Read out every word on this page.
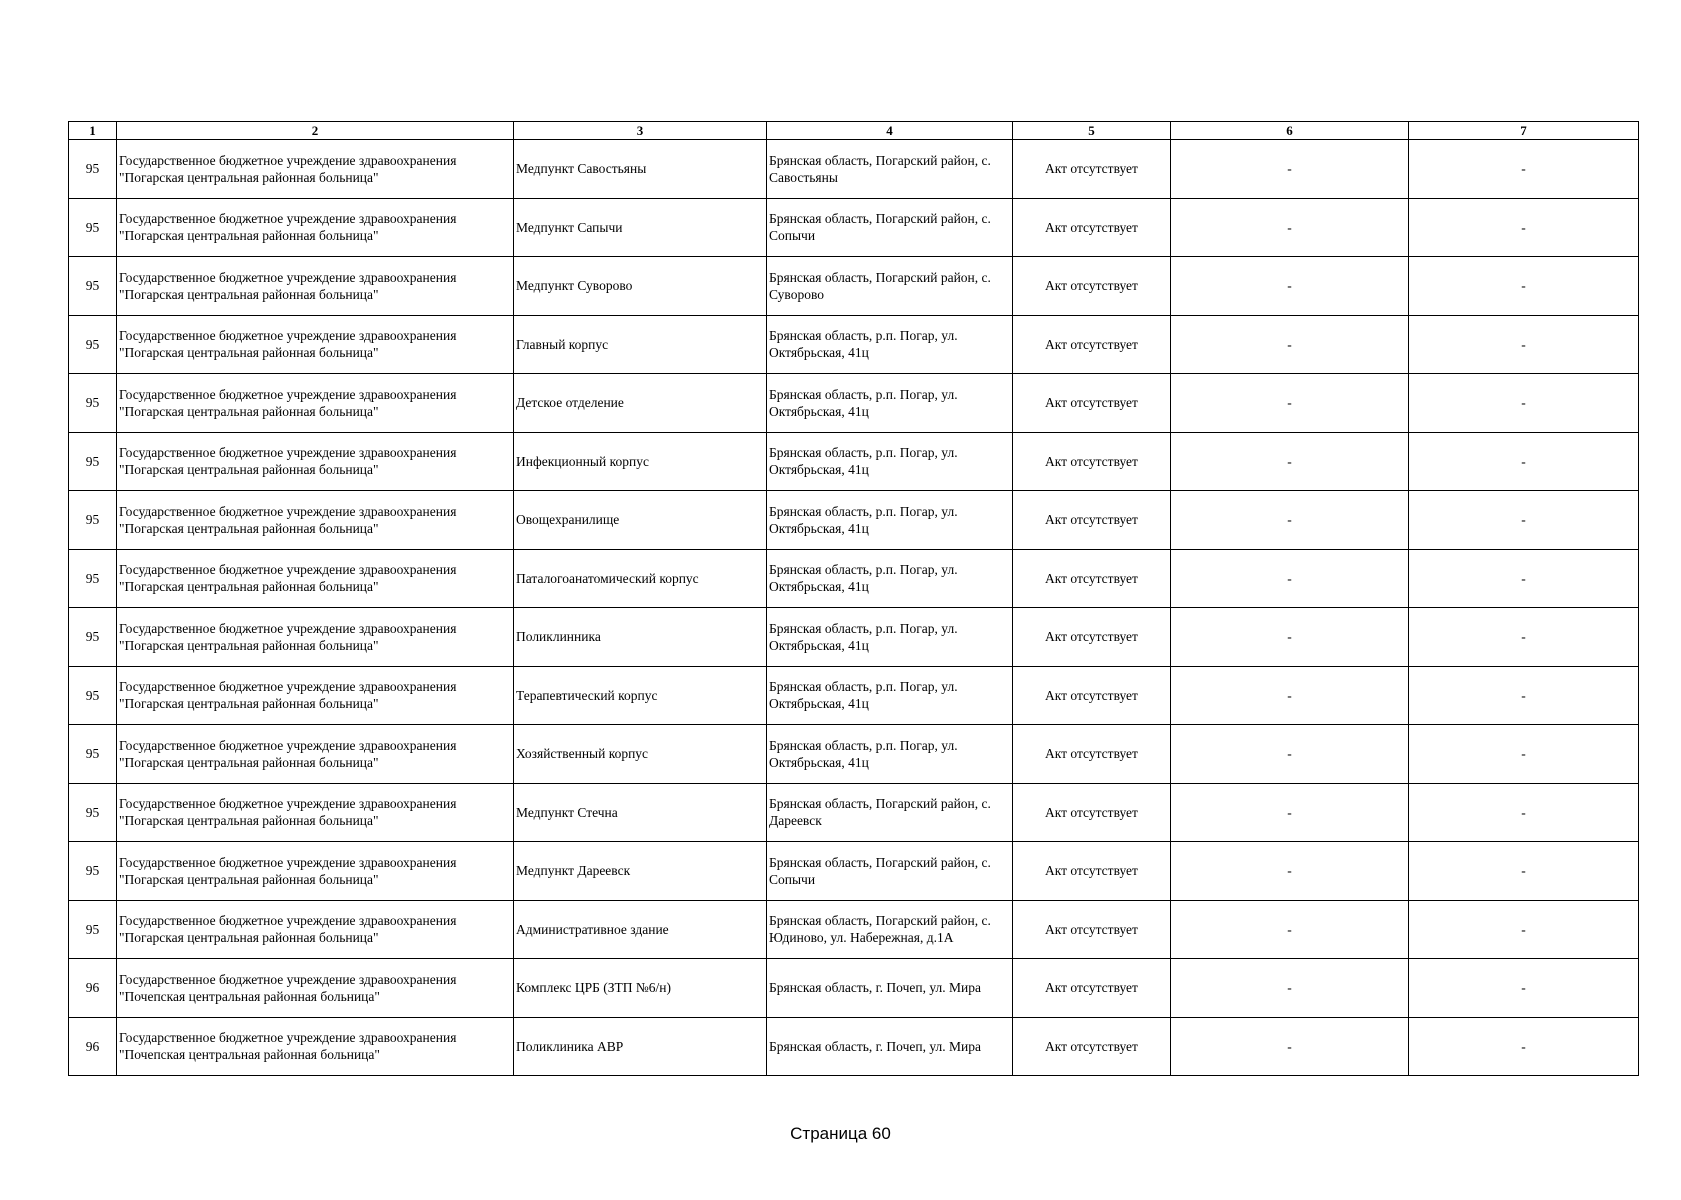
1	2	3	4	5	6	7
95	Государственное бюджетное учреждение здравоохранения "Погарская центральная районная больница"	Медпункт Савостьяны	Брянская область, Погарский район, с. Савостьяны	Акт отсутствует	-	-
95	Государственное бюджетное учреждение здравоохранения "Погарская центральная районная больница"	Медпункт Сапычи	Брянская область, Погарский район, с. Сопычи	Акт отсутствует	-	-
95	Государственное бюджетное учреждение здравоохранения "Погарская центральная районная больница"	Медпункт Суворово	Брянская область, Погарский район, с. Суворово	Акт отсутствует	-	-
95	Государственное бюджетное учреждение здравоохранения "Погарская центральная районная больница"	Главный корпус	Брянская область, р.п. Погар, ул. Октябрьская, 41ц	Акт отсутствует	-	-
95	Государственное бюджетное учреждение здравоохранения "Погарская центральная районная больница"	Детское отделение	Брянская область, р.п. Погар, ул. Октябрьская, 41ц	Акт отсутствует	-	-
95	Государственное бюджетное учреждение здравоохранения "Погарская центральная районная больница"	Инфекционный корпус	Брянская область, р.п. Погар, ул. Октябрьская, 41ц	Акт отсутствует	-	-
95	Государственное бюджетное учреждение здравоохранения "Погарская центральная районная больница"	Овощехранилище	Брянская область, р.п. Погар, ул. Октябрьская, 41ц	Акт отсутствует	-	-
95	Государственное бюджетное учреждение здравоохранения "Погарская центральная районная больница"	Паталогоанатомический корпус	Брянская область, р.п. Погар, ул. Октябрьская, 41ц	Акт отсутствует	-	-
95	Государственное бюджетное учреждение здравоохранения "Погарская центральная районная больница"	Поликлинника	Брянская область, р.п. Погар, ул. Октябрьская, 41ц	Акт отсутствует	-	-
95	Государственное бюджетное учреждение здравоохранения "Погарская центральная районная больница"	Терапевтический корпус	Брянская область, р.п. Погар, ул. Октябрьская, 41ц	Акт отсутствует	-	-
95	Государственное бюджетное учреждение здравоохранения "Погарская центральная районная больница"	Хозяйственный корпус	Брянская область, р.п. Погар, ул. Октябрьская, 41ц	Акт отсутствует	-	-
95	Государственное бюджетное учреждение здравоохранения "Погарская центральная районная больница"	Медпункт Стечна	Брянская область, Погарский район, с. Дареевск	Акт отсутствует	-	-
95	Государственное бюджетное учреждение здравоохранения "Погарская центральная районная больница"	Медпункт Дареевск	Брянская область, Погарский район, с. Сопычи	Акт отсутствует	-	-
95	Государственное бюджетное учреждение здравоохранения "Погарская центральная районная больница"	Административное здание	Брянская область, Погарский район, с. Юдиново, ул. Набережная, д.1А	Акт отсутствует	-	-
96	Государственное бюджетное учреждение здравоохранения "Почепская центральная районная больница"	Комплекс ЦРБ (ЗТП №6/н)	Брянская область, г. Почеп, ул. Мира	Акт отсутствует	-	-
96	Государственное бюджетное учреждение здравоохранения "Почепская центральная районная больница"	Поликлиника АВР	Брянская область, г. Почеп, ул. Мира	Акт отсутствует	-	-
Страница 60
